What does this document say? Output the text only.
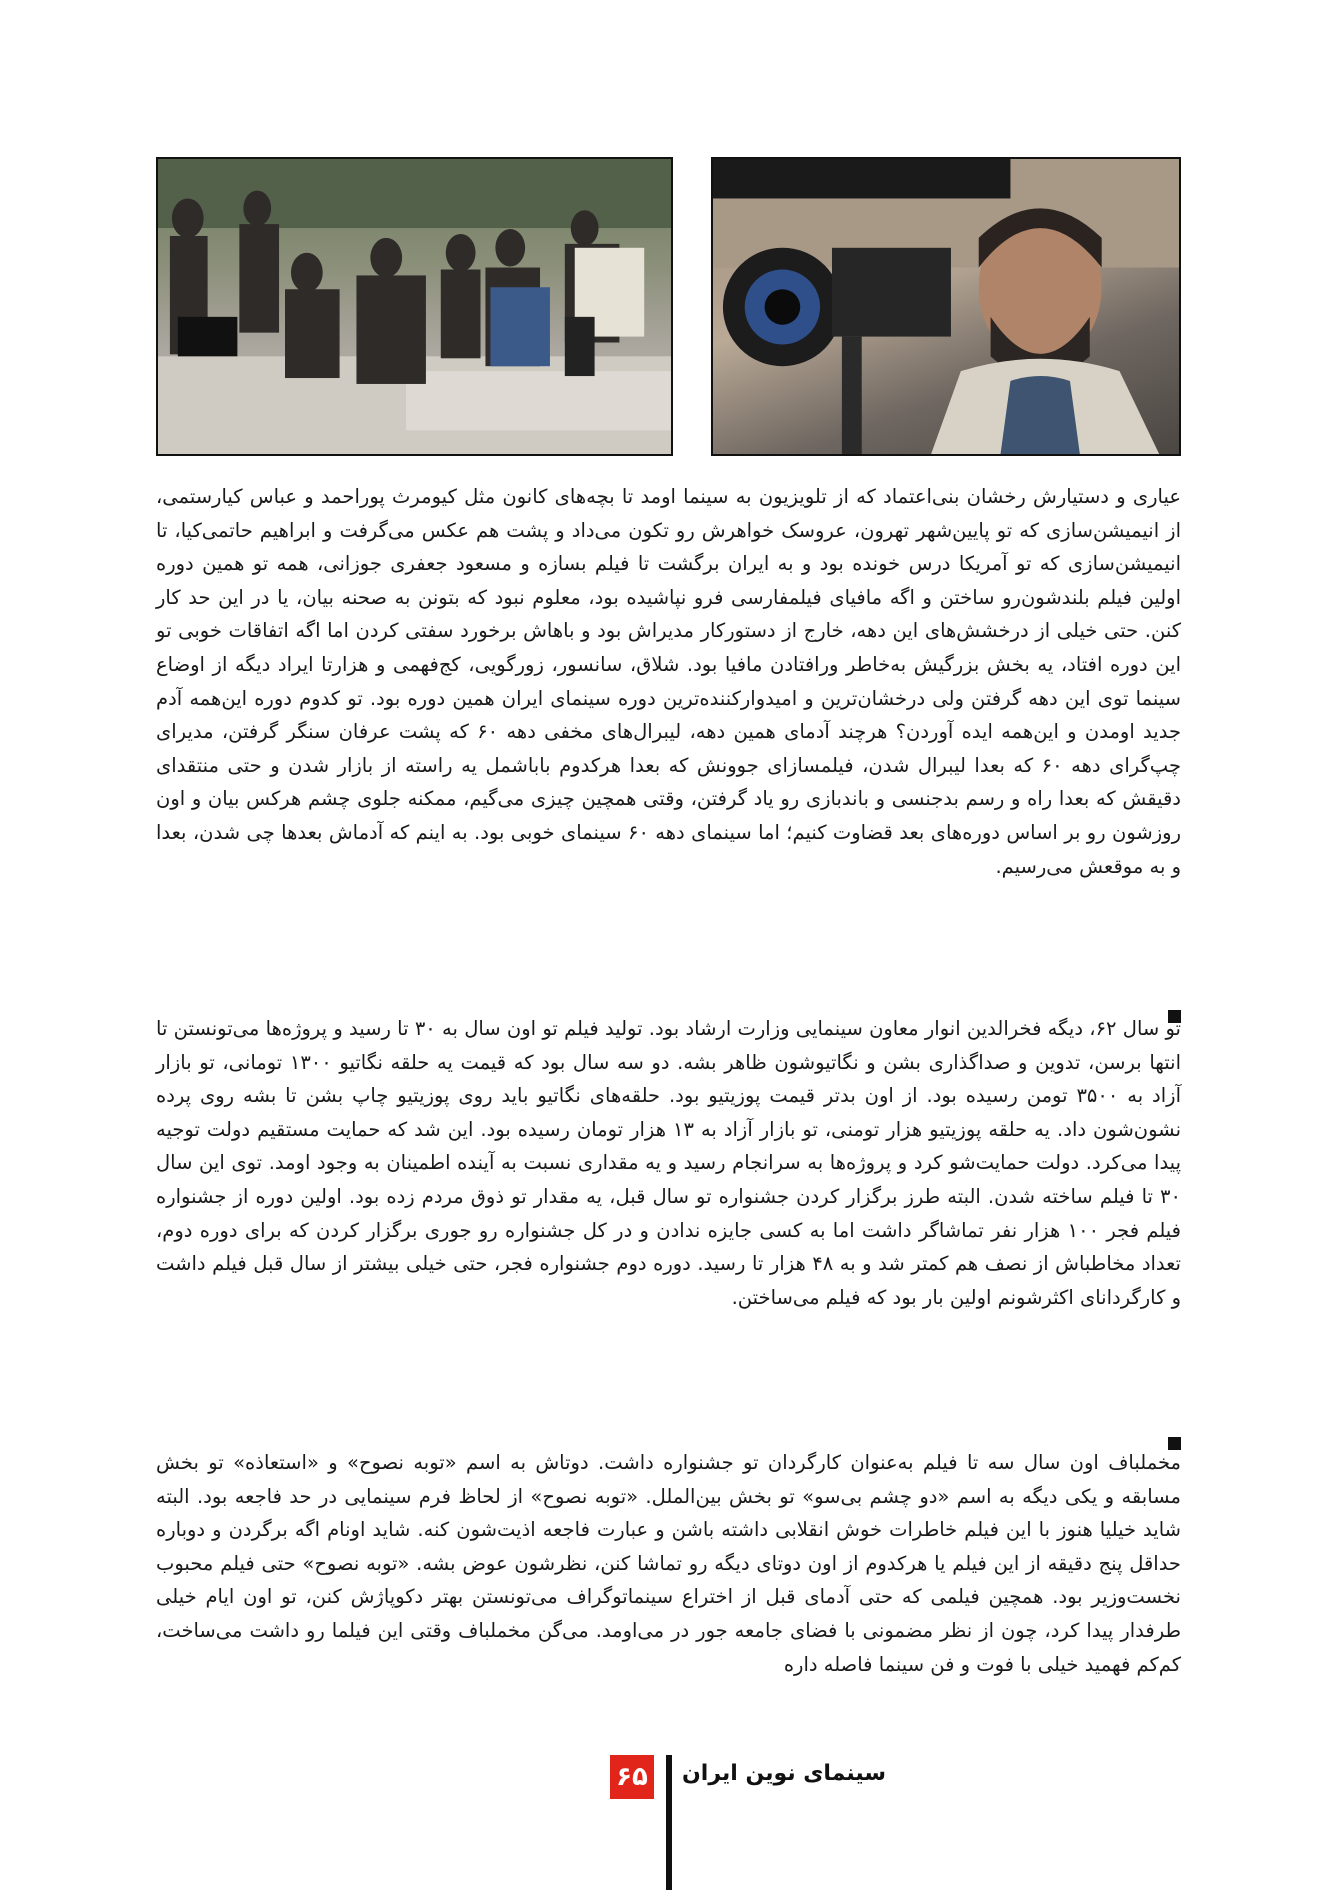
عیاری و دستیارش رخشان بنی‌اعتماد که از تلویزیون به سینما اومد تا بچه‌های کانون مثل کیومرث پوراحمد و عباس کیارستمی، از انیمیشن‌سازی که تو پایین‌شهر تهرون، عروسک خواهرش رو تکون می‌داد و پشت هم عکس می‌گرفت و ابراهیم حاتمی‌کیا، تا انیمیشن‌سازی که تو آمریکا درس خونده بود و به ایران برگشت تا فیلم بسازه و مسعود جعفری جوزانی، همه تو همین دوره اولین فیلم بلندشون‌رو ساختن و اگه مافیای فیلمفارسی فرو نپاشیده بود، معلوم نبود که بتونن به صحنه بیان، یا در این حد کار کنن. حتی خیلی از درخشش‌های این دهه، خارج از دستورکار مدیراش بود و باهاش برخورد سفتی کردن اما اگه اتفاقات خوبی تو این دوره افتاد، یه بخش بزرگیش به‌خاطر ورافتادن مافیا بود. شلاق، سانسور، زورگویی، کج‌فهمی و هزارتا ایراد دیگه از اوضاع سینما توی این دهه گرفتن ولی درخشان‌ترین و امیدوارکننده‌ترین دوره سینمای ایران همین دوره بود. تو کدوم دوره این‌همه آدم جدید اومدن و این‌همه ایده آوردن؟ هرچند آدمای همین دهه، لیبرال‌های مخفی دهه ۶۰ که پشت عرفان سنگر گرفتن، مدیرای چپ‌گرای دهه ۶۰ که بعدا لیبرال شدن، فیلمسازای جوونش که بعدا هرکدوم باباشمل یه راسته از بازار شدن و حتی منتقدای دقیقش که بعدا راه و رسم بدجنسی و باندبازی رو یاد گرفتن، وقتی همچین چیزی می‌گیم، ممکنه جلوی چشم هرکس بیان و اون روزشون رو بر اساس دوره‌های بعد قضاوت کنیم؛ اما سینمای دهه ۶۰ سینمای خوبی بود. به اینم که آدماش بعدها چی شدن، بعدا و به موقعش می‌رسیم.

تو سال ۶۲، دیگه فخرالدین انوار معاون سینمایی وزارت ارشاد بود. تولید فیلم تو اون سال به ۳۰ تا رسید و پروژه‌ها می‌تونستن تا انتها برسن، تدوین و صداگذاری بشن و نگاتیوشون ظاهر بشه. دو سه سال بود که قیمت یه حلقه نگاتیو ۱۳۰۰ تومانی، تو بازار آزاد به ۳۵۰۰ تومن رسیده بود. از اون بدتر قیمت پوزیتیو بود. حلقه‌های نگاتیو باید روی پوزیتیو چاپ بشن تا بشه روی پرده نشون‌شون داد. یه حلقه پوزیتیو هزار تومنی، تو بازار آزاد به ۱۳ هزار تومان رسیده بود. این شد که حمایت مستقیم دولت توجیه پیدا می‌کرد. دولت حمایت‌شو کرد و پروژه‌ها به سرانجام رسید و یه مقداری نسبت به آینده اطمینان به وجود اومد. توی این سال ۳۰ تا فیلم ساخته شدن. البته طرز برگزار کردن جشنواره تو سال قبل، یه مقدار تو ذوق مردم زده بود. اولین دوره از جشنواره فیلم فجر ۱۰۰ هزار نفر تماشاگر داشت اما به کسی جایزه ندادن و در کل جشنواره رو جوری برگزار کردن که برای دوره دوم، تعداد مخاطباش از نصف هم کمتر شد و به ۴۸ هزار تا رسید. دوره دوم جشنواره فجر، حتی خیلی بیشتر از سال قبل فیلم داشت و کارگردانای اکثرشونم اولین بار بود که فیلم می‌ساختن.

مخملباف اون سال سه تا فیلم به‌عنوان کارگردان تو جشنواره داشت. دوتاش به اسم «توبه نصوح» و «استعاذه» تو بخش مسابقه و یکی دیگه به اسم «دو چشم بی‌سو» تو بخش بین‌الملل. «توبه نصوح» از لحاظ فرم سینمایی در حد فاجعه بود. البته شاید خیلیا هنوز با این فیلم خاطرات خوش انقلابی داشته باشن و عبارت فاجعه اذیت‌شون کنه. شاید اونام اگه برگردن و دوباره حداقل پنج دقیقه از این فیلم یا هرکدوم از اون دوتای دیگه رو تماشا کنن، نظرشون عوض بشه. «توبه نصوح» حتی فیلم محبوب نخست‌وزیر بود. همچین فیلمی که حتی آدمای قبل از اختراع سینماتوگراف می‌تونستن بهتر دکوپاژش کنن، تو اون ایام خیلی طرفدار پیدا کرد، چون از نظر مضمونی با فضای جامعه جور در می‌اومد. می‌گن مخملباف وقتی این فیلما رو داشت می‌ساخت، کم‌کم فهمید خیلی با فوت و فن سینما فاصله داره

۶۵ سینمای نوین ایران
